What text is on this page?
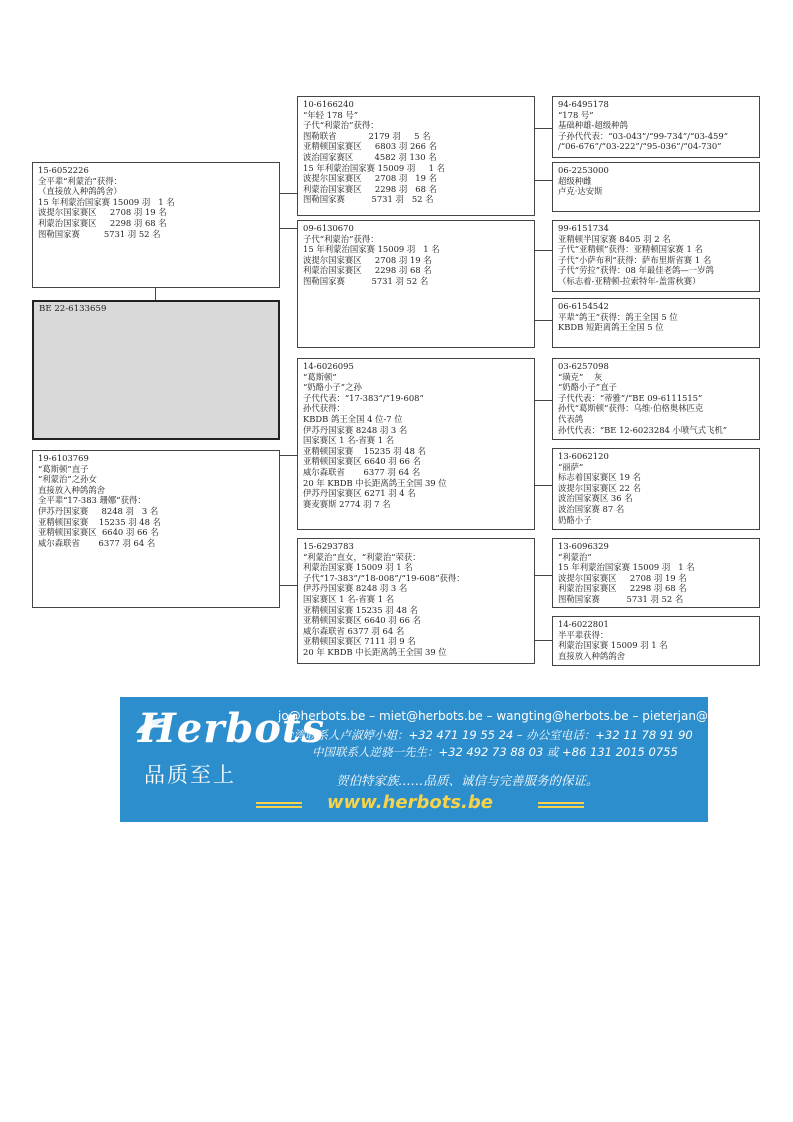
15-6052226
全平辈“利蒙治”获得：
（直接放入种鸽鸽舍）
15 年利蒙治国家赛 15009 羽   1 名
波提尔国家赛区     2708 羽 19 名
利蒙治国家赛区     2298 羽 68 名
图勒国家赛         5731 羽 52 名
BE 22-6133659
19-6103769
“葛斯顿”直子
“利蒙治”之孙女
直接放入种鸽鸽舍
全平辈“17-383 珊娜”获得：
伊苏丹国家赛     8248 羽   3 名
亚精顿国家赛    15235 羽 48 名
亚精顿国家赛区  6640 羽 66 名
威尔森联省       6377 羽 64 名
10-6166240
“年轻 178 号”
子代“利蒙治”获得：
图勒联省            2179 羽     5 名
亚精顿国家赛区     6803 羽 266 名
波治国家赛区        4582 羽 130 名
15 年利蒙治国家赛 15009 羽     1 名
波提尔国家赛区     2708 羽   19 名
利蒙治国家赛区     2298 羽   68 名
图勒国家赛          5731 羽   52 名
09-6130670
子代“利蒙治”获得：
15 年利蒙治国家赛 15009 羽   1 名
波提尔国家赛区     2708 羽 19 名
利蒙治国家赛区     2298 羽 68 名
图勒国家赛          5731 羽 52 名
14-6026095
“葛斯顿”
“奶酪小子”之孙
子代代表：“17-383”/“19-608”
孙代获得：
KBDB 鸽王全国 4 位-7 位
伊苏丹国家赛 8248 羽 3 名
国家赛区 1 名-省赛 1 名
亚精顿国家赛    15235 羽 48 名
亚精顿国家赛区 6640 羽 66 名
威尔森联省       6377 羽 64 名
20 年 KBDB 中长距离鸽王全国 39 位
伊苏丹国家赛区 6271 羽 4 名
赛麦赛斯 2774 羽 7 名
15-6293783
“利蒙治”直女，“利蒙治”荣获：
利蒙治国家赛 15009 羽 1 名
子代“17-383”/“18-008”/“19-608”获得：
伊苏丹国家赛 8248 羽 3 名
国家赛区 1 名-省赛 1 名
亚精顿国家赛 15235 羽 48 名
亚精顿国家赛区 6640 羽 66 名
威尔森联省 6377 羽 64 名
亚精顿国家赛区 7111 羽 9 名
20 年 KBDB 中长距离鸽王全国 39 位
94-6495178
“178 号”
基础种雄-超级种鸽
子孙代代表：“03-043”/“99-734”/“03-459”
/“06-676”/“03-222”/“95-036”/“04-730”
06-2253000
超级种雌
卢克·达安斯
99-6151734
亚精顿半国家赛 8405 羽 2 名
子代“亚精顿”获得：亚精顿国家赛 1 名
子代“小萨布利”获得：萨布里斯省赛 1 名
子代“劳拉”获得：08 年最佳老鸽—一岁鸽
（标志着-亚精顿-拉索特年-盖雷秋赛）
06-6154542
平辈“鸽王”获得：鸽王全国 5 位
KBDB 短距离鸽王全国 5 位
03-6257098
“璜克”    灰
“奶酪小子”直子
子代代表：“蒂雅”/“BE 09-6111515”
孙代“葛斯顿”获得：乌维·伯格奥林匹克
代表鸽
孙代代表：“BE 12-6023284 小喷气式飞机”
13-6062120
“丽萨”
标志着国家赛区 19 名
波提尔国家赛区 22 名
波治国家赛区 36 名
波治国家赛 87 名
奶酪小子
13-6096329
“利蒙治”
15 年利蒙治国家赛 15009 羽   1 名
波提尔国家赛区     2708 羽 19 名
利蒙治国家赛区     2298 羽 68 名
图勒国家赛          5731 羽 52 名
14-6022801
半平辈获得：
利蒙治国家赛 15009 羽 1 名
直接放入种鸽鸽舍
Herbots
品质至上
jo@herbots.be – miet@herbots.be – wangting@herbots.be – pieterjan@herbots.be
台湾联系人卢淑婷小姐：+32 471 19 55 24 – 办公室电话：+32 11 78 91 90
中国联系人逆骁一先生：+32 492 73 88 03 或 +86 131 2015 0755
贺伯特家族……品质、诚信与完善服务的保证。
www.herbots.be
